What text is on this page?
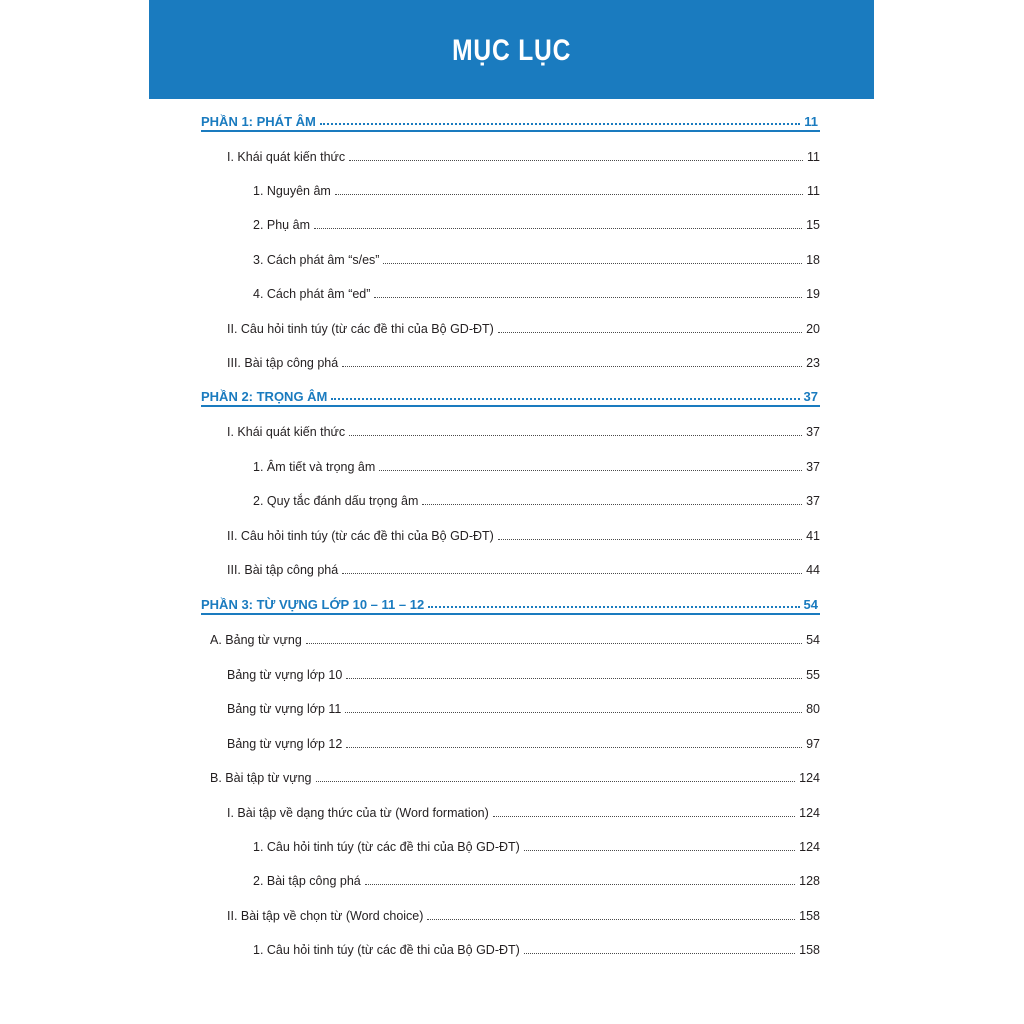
MỤC LỤC
PHẦN 1: PHÁT ÂM	11
I. Khái quát kiến thức	11
1. Nguyên âm	11
2. Phụ âm	15
3. Cách phát âm “s/es”	18
4. Cách phát âm “ed”	19
II. Câu hỏi tinh túy (từ các đề thi của Bộ GD-ĐT)	20
III. Bài tập công phá	23
PHẦN 2: TRỌNG ÂM	37
I. Khái quát kiến thức	37
1. Âm tiết và trọng âm	37
2. Quy tắc đánh dấu trọng âm	37
II. Câu hỏi tinh túy (từ các đề thi của Bộ GD-ĐT)	41
III. Bài tập công phá	44
PHẦN 3: TỪ VỰNG LỚP 10 – 11 – 12	54
A. Bảng từ vựng	54
Bảng từ vựng lớp 10	55
Bảng từ vựng lớp 11	80
Bảng từ vựng lớp 12	97
B. Bài tập từ vựng	124
I. Bài tập về dạng thức của từ (Word formation)	124
1. Câu hỏi tinh túy (từ các đề thi của Bộ GD-ĐT)	124
2. Bài tập công phá	128
II. Bài tập về chọn từ (Word choice)	158
1. Câu hỏi tinh túy (từ các đề thi của Bộ GD-ĐT)	158
